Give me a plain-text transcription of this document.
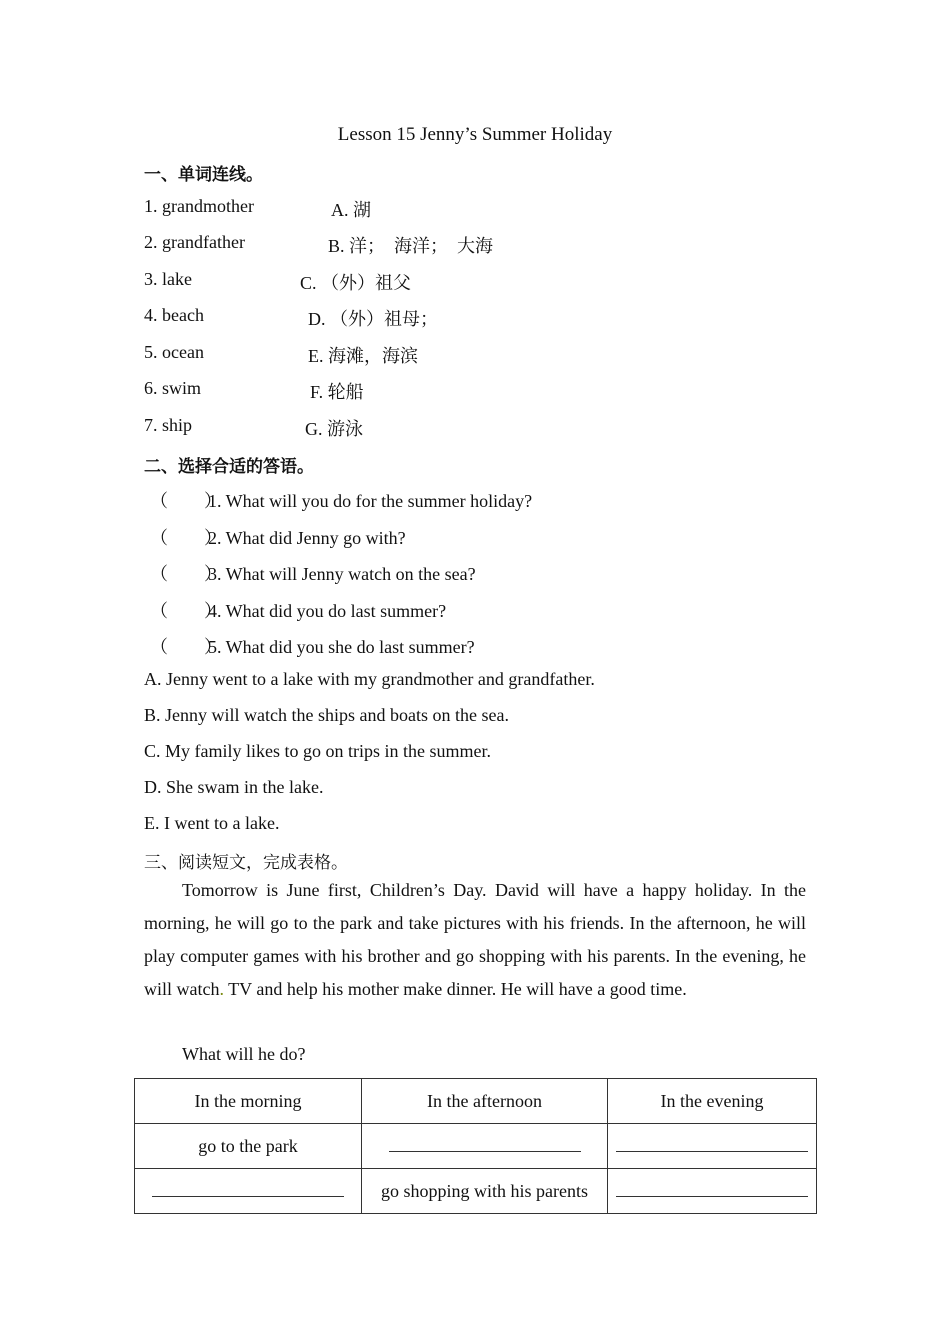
Lesson 15 Jenny’s Summer Holiday
一、单词连线。
1. grandmother
2. grandfather
3. lake
4. beach
5. ocean
6. swim
7. ship
A. 湖
B. 洋；　海洋；　大海
C. （外）祖父
D. （外）祖母；
E. 海滩，海滨
F. 轮船
G. 游泳
二、选择合适的答语。
（　　）1. What will you do for the summer holiday?
（　　）2. What did Jenny go with?
（　　）3. What will Jenny watch on the sea?
（　　）4. What did you do last summer?
（　　）5. What did you she do last summer?
A. Jenny went to a lake with my grandmother and grandfather.
B. Jenny will watch the ships and boats on the sea.
C. My family likes to go on trips in the summer.
D. She swam in the lake.
E. I went to a lake.
三、阅读短文，完成表格。
Tomorrow is June first, Children’s Day. David will have a happy holiday. In the morning, he will go to the park and take pictures with his friends. In the afternoon, he will play computer games with his brother and go shopping with his parents. In the evening, he will watch. TV and help his mother make dinner. He will have a good time.
What will he do?
In the morning	In the afternoon	In the evening
go to the park		
	go shopping with his parents	
